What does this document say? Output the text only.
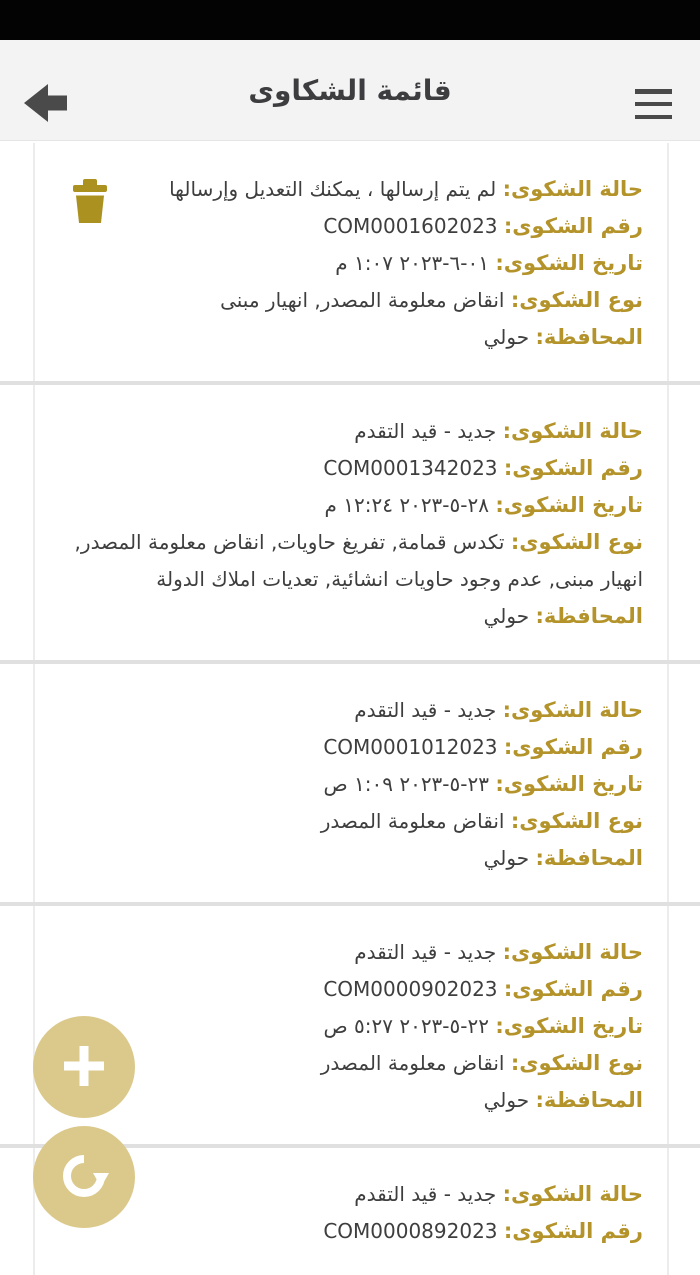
قائمة الشكاوى
حالة الشكوى: لم يتم إرسالها ، يمكنك التعديل وإرسالها
رقم الشكوى: COM0001602023
تاريخ الشكوى: ٠١-٦-٢٠٢٣ ١:٠٧ م
نوع الشكوى: انقاض معلومة المصدر, انهيار مبنى
المحافظة: حولي
حالة الشكوى: جديد - قيد التقدم
رقم الشكوى: COM0001342023
تاريخ الشكوى: ٢٨-٥-٢٠٢٣ ١٢:٢٤ م
نوع الشكوى: تكدس قمامة, تفريغ حاويات, انقاض معلومة المصدر, انهيار مبنى, عدم وجود حاويات انشائية, تعديات املاك الدولة
المحافظة: حولي
حالة الشكوى: جديد - قيد التقدم
رقم الشكوى: COM0001012023
تاريخ الشكوى: ٢٣-٥-٢٠٢٣ ١:٠٩ ص
نوع الشكوى: انقاض معلومة المصدر
المحافظة: حولي
حالة الشكوى: جديد - قيد التقدم
رقم الشكوى: COM0000902023
تاريخ الشكوى: ٢٢-٥-٢٠٢٣ ٥:٢٧ ص
نوع الشكوى: انقاض معلومة المصدر
المحافظة: حولي
حالة الشكوى: جديد - قيد التقدم
رقم الشكوى: COM0000892023
